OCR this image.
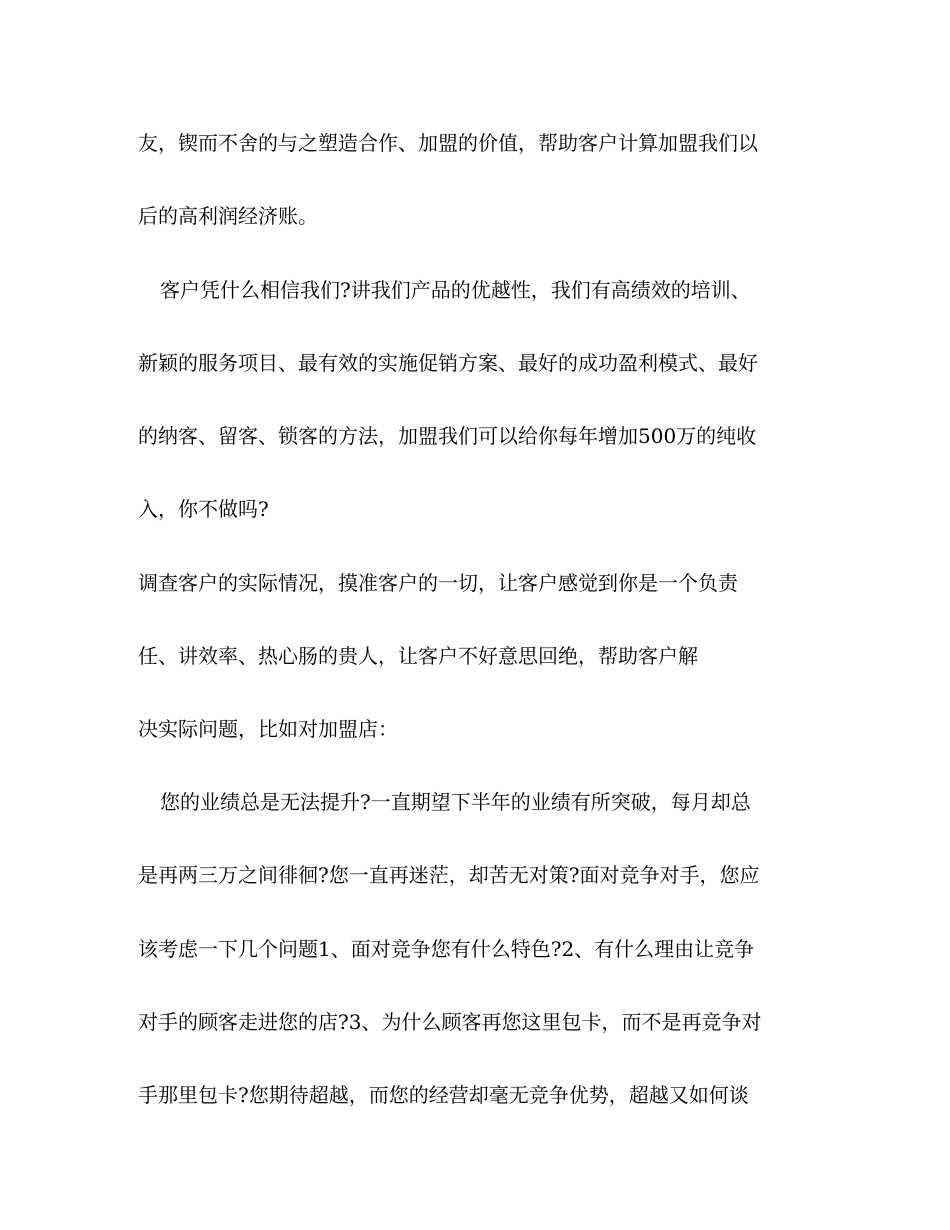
友，锲而不舍的与之塑造合作、加盟的价值，帮助客户计算加盟我们以
后的高利润经济账。
客户凭什么相信我们?讲我们产品的优越性，我们有高绩效的培训、
新颖的服务项目、最有效的实施促销方案、最好的成功盈利模式、最好
的纳客、留客、锁客的方法，加盟我们可以给你每年增加500万的纯收
入，你不做吗?
调查客户的实际情况，摸准客户的一切，让客户感觉到你是一个负责
任、讲效率、热心肠的贵人，让客户不好意思回绝，帮助客户解
决实际问题，比如对加盟店：
您的业绩总是无法提升?一直期望下半年的业绩有所突破，每月却总
是再两三万之间徘徊?您一直再迷茫，却苦无对策?面对竞争对手，您应
该考虑一下几个问题1、面对竞争您有什么特色?2、有什么理由让竞争
对手的顾客走进您的店?3、为什么顾客再您这里包卡，而不是再竞争对
手那里包卡?您期待超越，而您的经营却毫无竞争优势，超越又如何谈
